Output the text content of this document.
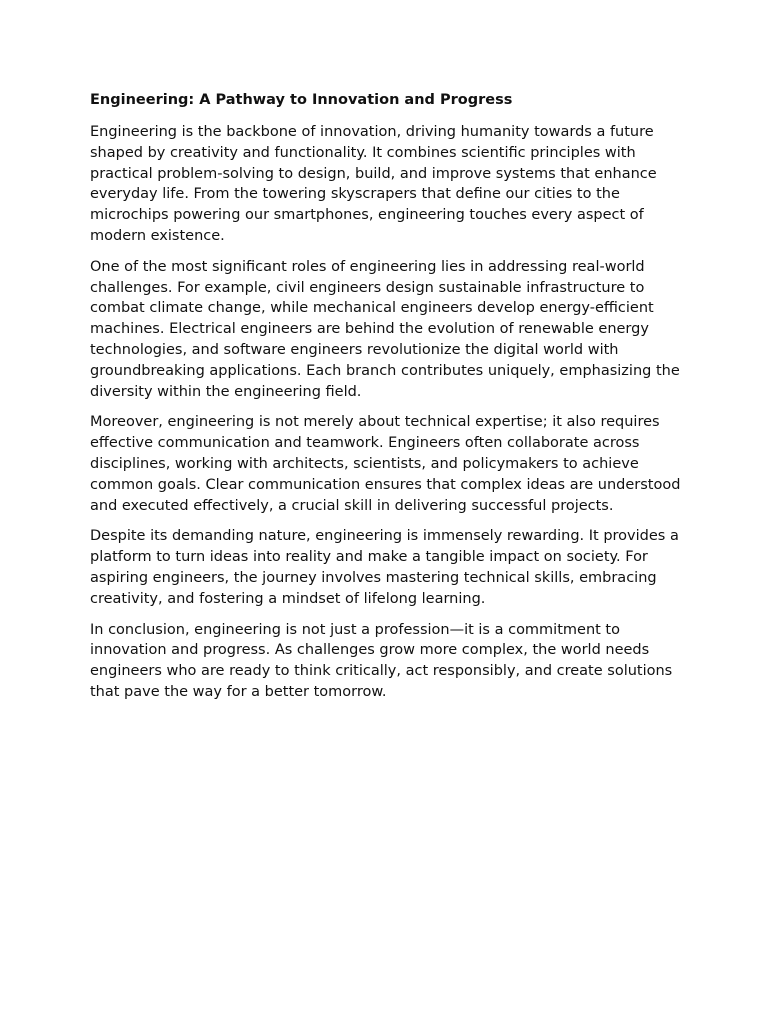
Engineering: A Pathway to Innovation and Progress

Engineering is the backbone of innovation, driving humanity towards a future shaped by creativity and functionality. It combines scientific principles with practical problem-solving to design, build, and improve systems that enhance everyday life. From the towering skyscrapers that define our cities to the microchips powering our smartphones, engineering touches every aspect of modern existence.

One of the most significant roles of engineering lies in addressing real-world challenges. For example, civil engineers design sustainable infrastructure to combat climate change, while mechanical engineers develop energy-efficient machines. Electrical engineers are behind the evolution of renewable energy technologies, and software engineers revolutionize the digital world with groundbreaking applications. Each branch contributes uniquely, emphasizing the diversity within the engineering field.

Moreover, engineering is not merely about technical expertise; it also requires effective communication and teamwork. Engineers often collaborate across disciplines, working with architects, scientists, and policymakers to achieve common goals. Clear communication ensures that complex ideas are understood and executed effectively, a crucial skill in delivering successful projects.

Despite its demanding nature, engineering is immensely rewarding. It provides a platform to turn ideas into reality and make a tangible impact on society. For aspiring engineers, the journey involves mastering technical skills, embracing creativity, and fostering a mindset of lifelong learning.

In conclusion, engineering is not just a profession—it is a commitment to innovation and progress. As challenges grow more complex, the world needs engineers who are ready to think critically, act responsibly, and create solutions that pave the way for a better tomorrow.
